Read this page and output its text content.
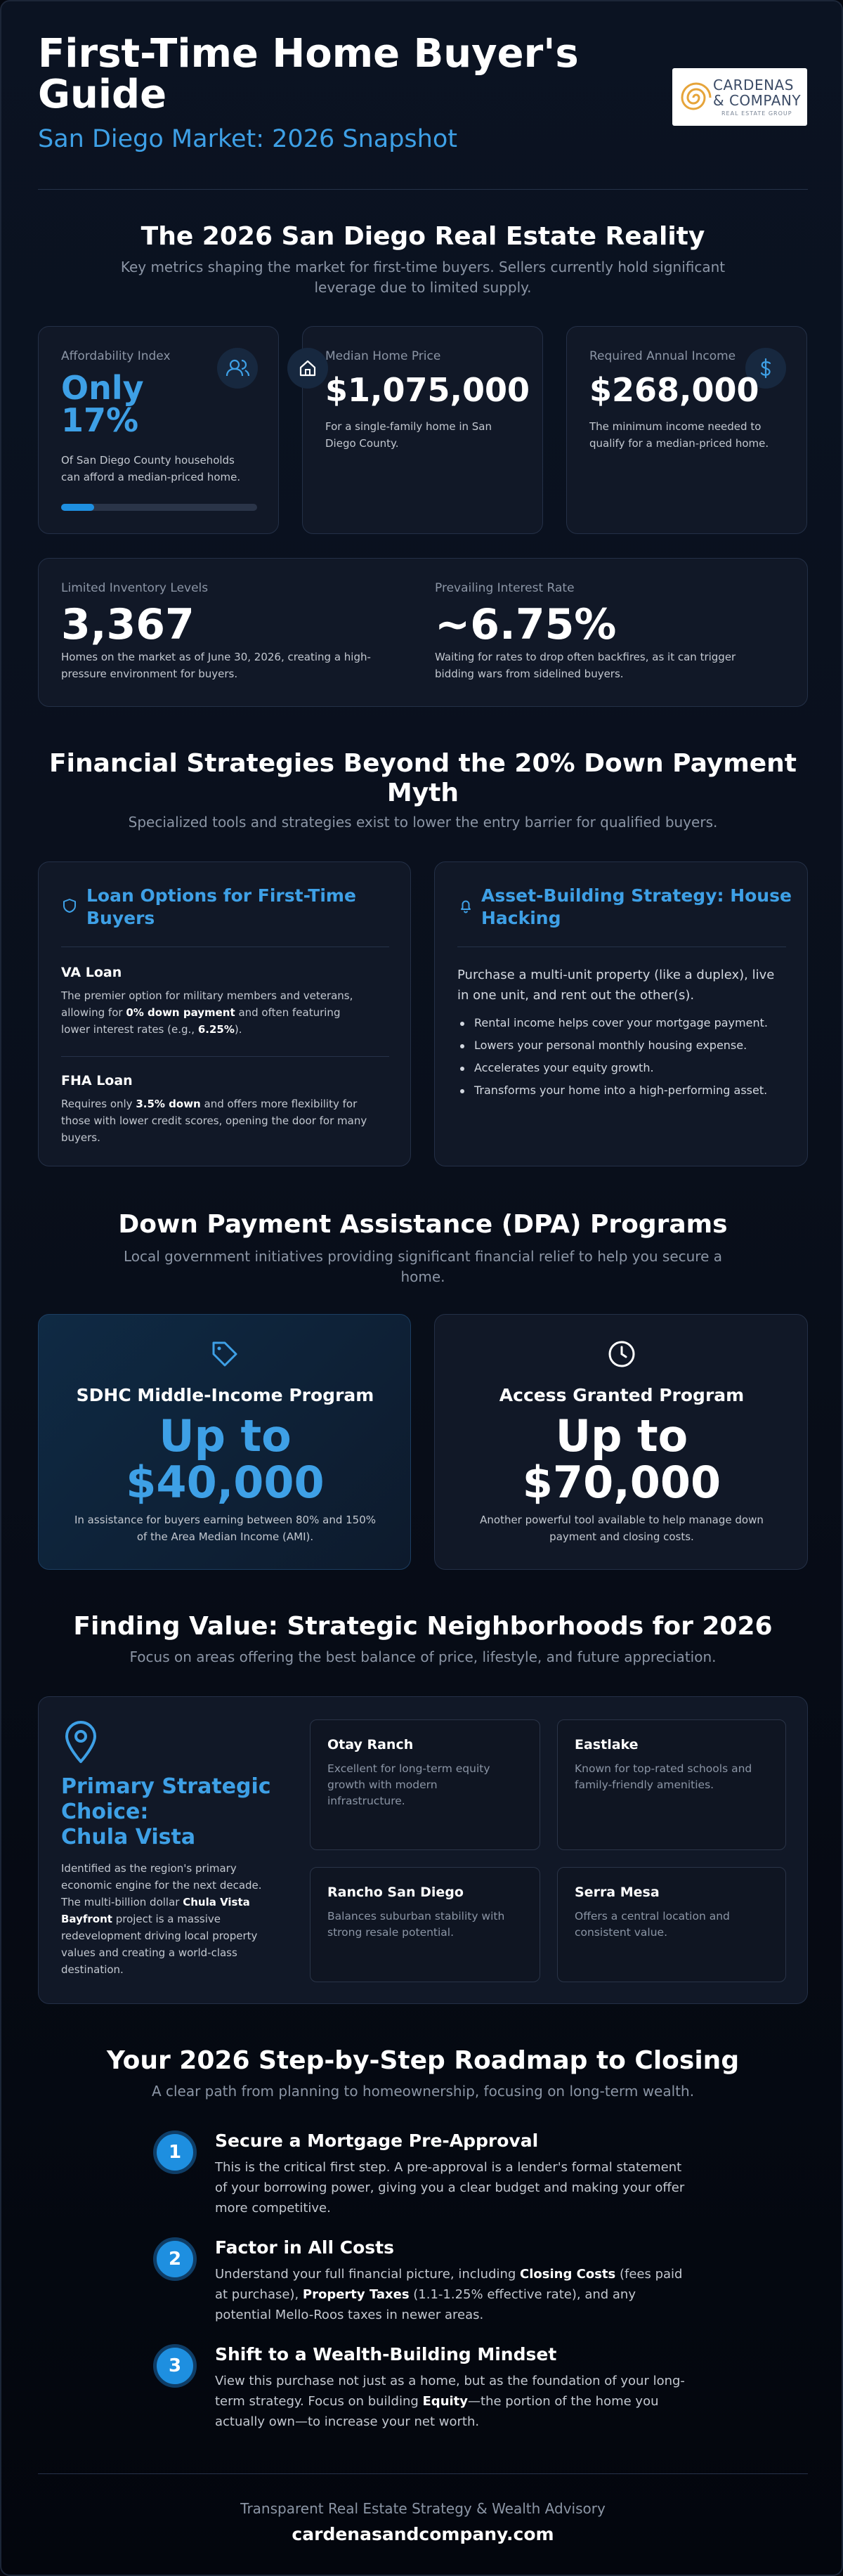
First-Time Home Buyer's
Guide
San Diego Market: 2026 Snapshot
CARDENAS
& COMPANY
REAL ESTATE GROUP
The 2026 San Diego Real Estate Reality
Key metrics shaping the market for first-time buyers. Sellers currently hold significant
leverage due to limited supply.
Affordability Index
Only
17%
Of San Diego County households
can afford a median-priced home.
Median Home Price
$1,075,000
For a single-family home in San
Diego County.
Required Annual Income
$268,000
The minimum income needed to
qualify for a median-priced home.
Limited Inventory Levels
3,367
Homes on the market as of June 30, 2026, creating a high-
pressure environment for buyers.
Prevailing Interest Rate
~6.75%
Waiting for rates to drop often backfires, as it can trigger
bidding wars from sidelined buyers.
Financial Strategies Beyond the 20% Down Payment
Myth
Specialized tools and strategies exist to lower the entry barrier for qualified buyers.
Loan Options for First-Time
Buyers
VA Loan
The premier option for military members and veterans,
allowing for 0% down payment and often featuring
lower interest rates (e.g., 6.25%).
FHA Loan
Requires only 3.5% down and offers more flexibility for
those with lower credit scores, opening the door for many
buyers.
Asset-Building Strategy: House
Hacking
Purchase a multi-unit property (like a duplex), live
in one unit, and rent out the other(s).
Rental income helps cover your mortgage payment.
Lowers your personal monthly housing expense.
Accelerates your equity growth.
Transforms your home into a high-performing asset.
Down Payment Assistance (DPA) Programs
Local government initiatives providing significant financial relief to help you secure a
home.
SDHC Middle-Income Program
Up to
$40,000
In assistance for buyers earning between 80% and 150%
of the Area Median Income (AMI).
Access Granted Program
Up to
$70,000
Another powerful tool available to help manage down
payment and closing costs.
Finding Value: Strategic Neighborhoods for 2026
Focus on areas offering the best balance of price, lifestyle, and future appreciation.
Primary Strategic
Choice:
Chula Vista
Identified as the region's primary
economic engine for the next decade.
The multi-billion dollar Chula Vista
Bayfront project is a massive
redevelopment driving local property
values and creating a world-class
destination.
Otay Ranch
Excellent for long-term equity
growth with modern
infrastructure.
Eastlake
Known for top-rated schools and
family-friendly amenities.
Rancho San Diego
Balances suburban stability with
strong resale potential.
Serra Mesa
Offers a central location and
consistent value.
Your 2026 Step-by-Step Roadmap to Closing
A clear path from planning to homeownership, focusing on long-term wealth.
1
Secure a Mortgage Pre-Approval
This is the critical first step. A pre-approval is a lender's formal statement
of your borrowing power, giving you a clear budget and making your offer
more competitive.
2
Factor in All Costs
Understand your full financial picture, including Closing Costs (fees paid
at purchase), Property Taxes (1.1-1.25% effective rate), and any
potential Mello-Roos taxes in newer areas.
3
Shift to a Wealth-Building Mindset
View this purchase not just as a home, but as the foundation of your long-
term strategy. Focus on building Equity—the portion of the home you
actually own—to increase your net worth.
Transparent Real Estate Strategy & Wealth Advisory
cardenasandcompany.com
